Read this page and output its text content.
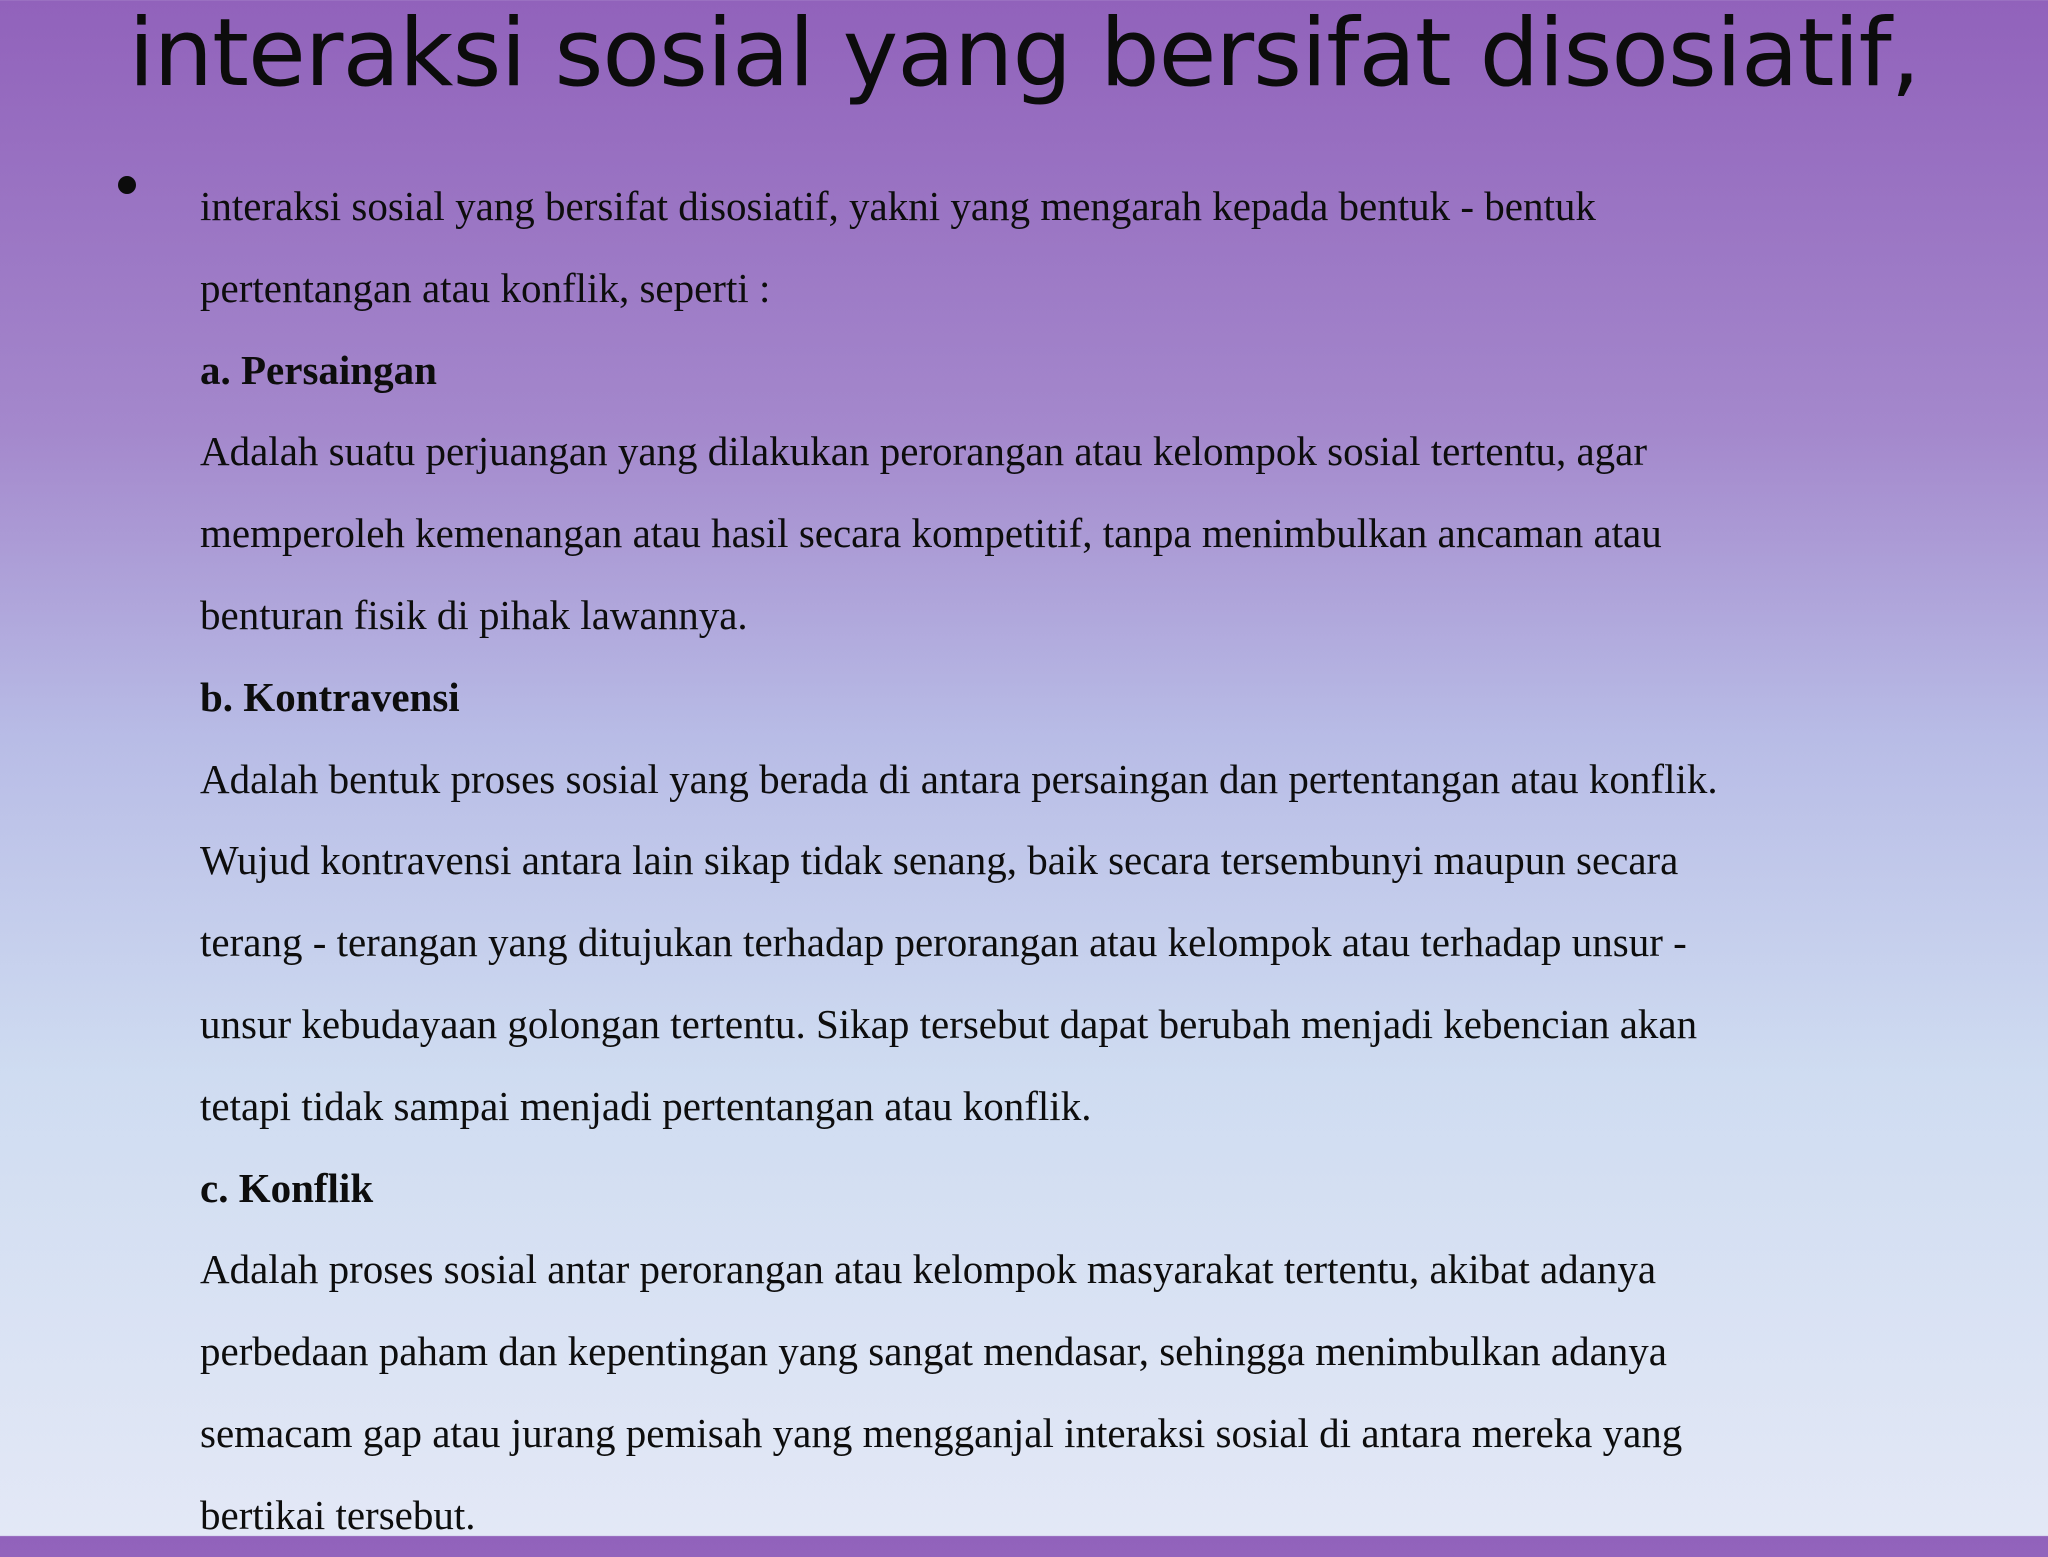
interaksi sosial yang bersifat disosiatif,
interaksi sosial yang bersifat disosiatif, yakni yang mengarah kepada bentuk - bentuk
pertentangan atau konflik, seperti :
a. Persaingan
Adalah suatu perjuangan yang dilakukan perorangan atau kelompok sosial tertentu, agar
memperoleh kemenangan atau hasil secara kompetitif, tanpa menimbulkan ancaman atau
benturan fisik di pihak lawannya.
b. Kontravensi
Adalah bentuk proses sosial yang berada di antara persaingan dan pertentangan atau konflik.
Wujud kontravensi antara lain sikap tidak senang, baik secara tersembunyi maupun secara
terang - terangan yang ditujukan terhadap perorangan atau kelompok atau terhadap unsur -
unsur kebudayaan golongan tertentu. Sikap tersebut dapat berubah menjadi kebencian akan
tetapi tidak sampai menjadi pertentangan atau konflik.
c. Konflik
Adalah proses sosial antar perorangan atau kelompok masyarakat tertentu, akibat adanya
perbedaan paham dan kepentingan yang sangat mendasar, sehingga menimbulkan adanya
semacam gap atau jurang pemisah yang mengganjal interaksi sosial di antara mereka yang
bertikai tersebut.
